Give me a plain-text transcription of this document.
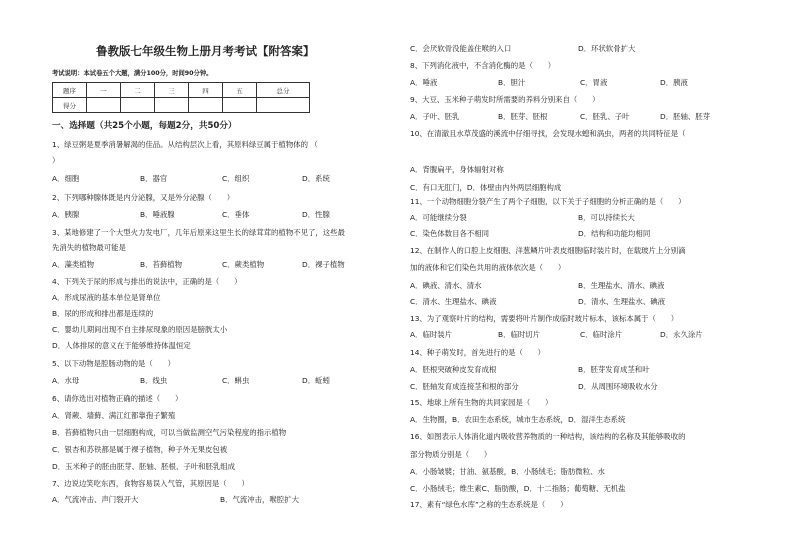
鲁教版七年级生物上册月考考试【附答案】
考试说明：本试卷五个大题，满分100分，时间90分钟。
一、选择题（共25个小题，每题2分，共50分）
1、绿豆粥是夏季消暑解渴的佳品。从结构层次上看，其原料绿豆属于植物体的 （
）
A．细胞	B．器官	C．组织	D．系统
2、下列哪种腺体既是内分泌腺，又是外分泌腺（　　）
A．胰腺	B．唾液腺	C．垂体	D．性腺
3、某地修建了一个大型火力发电厂，几年后原来这里生长的绿茸茸的植物不见了，这些最
先消失的植物最可能是
A．藻类植物	B．苔藓植物	C．蕨类植物	D．裸子植物
4、下列关于尿的形成与排出的说法中，正确的是（　　）
A．形成尿液的基本单位是肾单位
B．尿的形成和排出都是连续的
C．婴幼儿期间出现不自主排尿现象的原因是膀胱太小
D．人体排尿的意义在于能够维持体温恒定
5、以下动物是腔肠动物的是（　　）
A．水母	B．线虫	C．蝌虫	D．蚯蚓
6、请你选出对植物正确的描述（　　）
A．肾蕨、墙藓、满江红都靠孢子繁殖
B．苔藓植物只由一层细胞构成，可以当做监测空气污染程度的指示植物
C．银杏和苏铁都是属于裸子植物，种子外无果皮包被
D．玉米种子的胚由胚芽、胚轴、胚根、子叶和胚乳组成
7、边说边笑吃东西，食物容易误入气管，其原因是（　　）
A．气流冲击、声门裂开大	B．气流冲击，喉腔扩大
题序	一	二	三	四	五	总分
得分						
C．会厌软骨没能盖住喉的入口	D．环状软骨扩大
8、下列消化液中，不含消化酶的是（　　）
A．唾液	B．胆汁	C．胃液	D．胰液
9、大豆、玉米种子萌发时所需要的养料分别来自（　　）
A．子叶、胚乳	B．胚芽、胚根	C．胚乳、子叶	D．胚轴、胚芽
10、在清澈且水草茂盛的溪流中仔细寻找，会发现水螅和涡虫，两者的共同特征是（
A．背腹扁平，身体辐射对称
C．有口无肛门，D．体壁由内外两层细胞构成
11、一个动物细胞分裂产生了两个子细胞，以下关于子细胞的分析正确的是（　　）
A．可能继续分裂	B．可以持续长大
C．染色体数目各不相同	D．结构和功能均相同
12、在制作人的口腔上皮细胞、洋葱鳞片叶表皮细胞临时装片时，在载玻片上分别滴
加的液体和它们染色共用的液体依次是（　　）
A．碘液、清水、清水	B．生理盐水、清水、碘液
C．清水、生理盐水、碘液	D．清水、生理盐水、碘液
13、为了观察叶片的结构，需要将叶片制作成临时玻片标本，该标本属于（　　）
A．临时装片	B．临时切片	C．临时涂片	D．永久涂片
14、种子萌发时，首先进行的是（　　）
A．胚根突破种皮发育成根	B．胚芽发育成茎和叶
C．胚轴发育成连接茎和根的部分	D．从周围环境吸收水分
15、地球上所有生物的共同家园是（　　）
A．生物圈，B．农田生态系统，城市生态系统，D．湿洋生态系统
16、如图表示人体消化道内吸收营养物质的一种结构，该结构的名称及其能够吸收的
部分物质分别是（　　）
A．小肠皱襞；甘油、氨基酸，B．小肠绒毛；脂肪微粒、水
C．小肠绒毛；维生素C、脂肪酸，D．十二指肠；葡萄糖、无机盐
17、素有“绿色水库”之称的生态系统是（　　）
